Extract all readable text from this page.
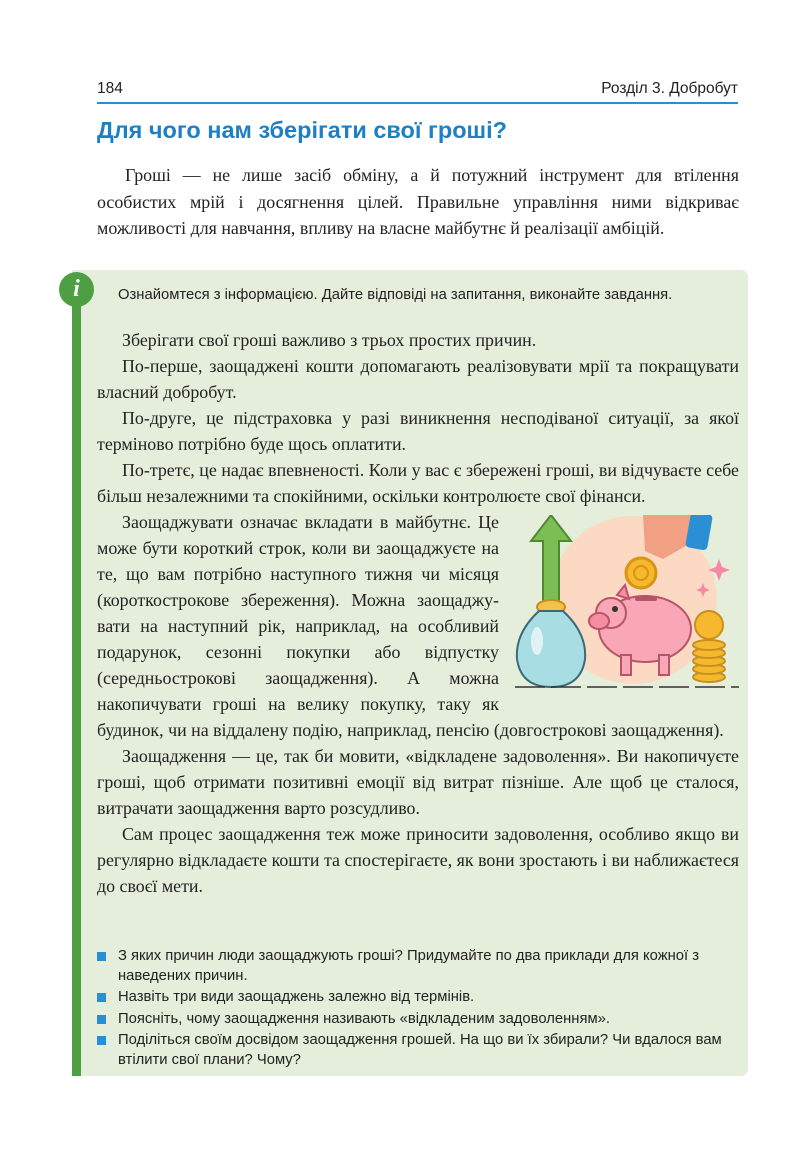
184	Розділ 3. Добробут
Для чого нам зберігати свої гроші?

Гроші — не лише засіб обміну, а й потужний інструмент для втілення особистих мрій і досягнення цілей. Правильне управління ними відкриває можливості для навчання, впливу на власне майбутнє й реалізації амбіцій.

i	Ознайомтеся з інформацією. Дайте відповіді на запитання, виконайте завдання.

Зберігати свої гроші важливо з трьох простих причин.

По-перше, заощаджені кошти допомагають реалізовувати мрії та покращувати власний добробут.

По-друге, це підстраховка у разі виникнення несподіваної ситуації, за якої терміново потрібно буде щось оплатити.

По-третє, це надає впевненості. Коли у вас є збережені гроші, ви відчуваєте себе більш незалежними та спокійними, оскільки контролюєте свої фінанси.

Заощаджувати означає вкладати в майбутнє. Це може бути короткий строк, коли ви заощаджуєте на те, що вам потрібно наступного тижня чи місяця (короткострокове збереження). Можна заощаджувати на наступний рік, наприклад, на особливий подарунок, сезонні покупки або відпустку (середньострокові заощадження). А можна накопичувати гроші на велику покупку, таку як будинок, чи на віддалену подію, наприклад, пенсію (довгострокові заощадження).

Заощадження — це, так би мовити, «відкладене задоволення». Ви накопичуєте гроші, щоб отримати позитивні емоції від витрат пізніше. Але щоб це сталося, витрачати заощадження варто розсудливо.

Сам процес заощадження теж може приносити задоволення, особливо якщо ви регулярно відкладаєте кошти та спостерігаєте, як вони зростають і ви наближаєтеся до своєї мети.

З яких причин люди заощаджують гроші? Придумайте по два приклади для кожної з наведених причин.
Назвіть три види заощаджень залежно від термінів.
Поясніть, чому заощадження називають «відкладеним задоволенням».
Поділіться своїм досвідом заощадження грошей. На що ви їх збирали? Чи вдалося вам втілити свої плани? Чому?
